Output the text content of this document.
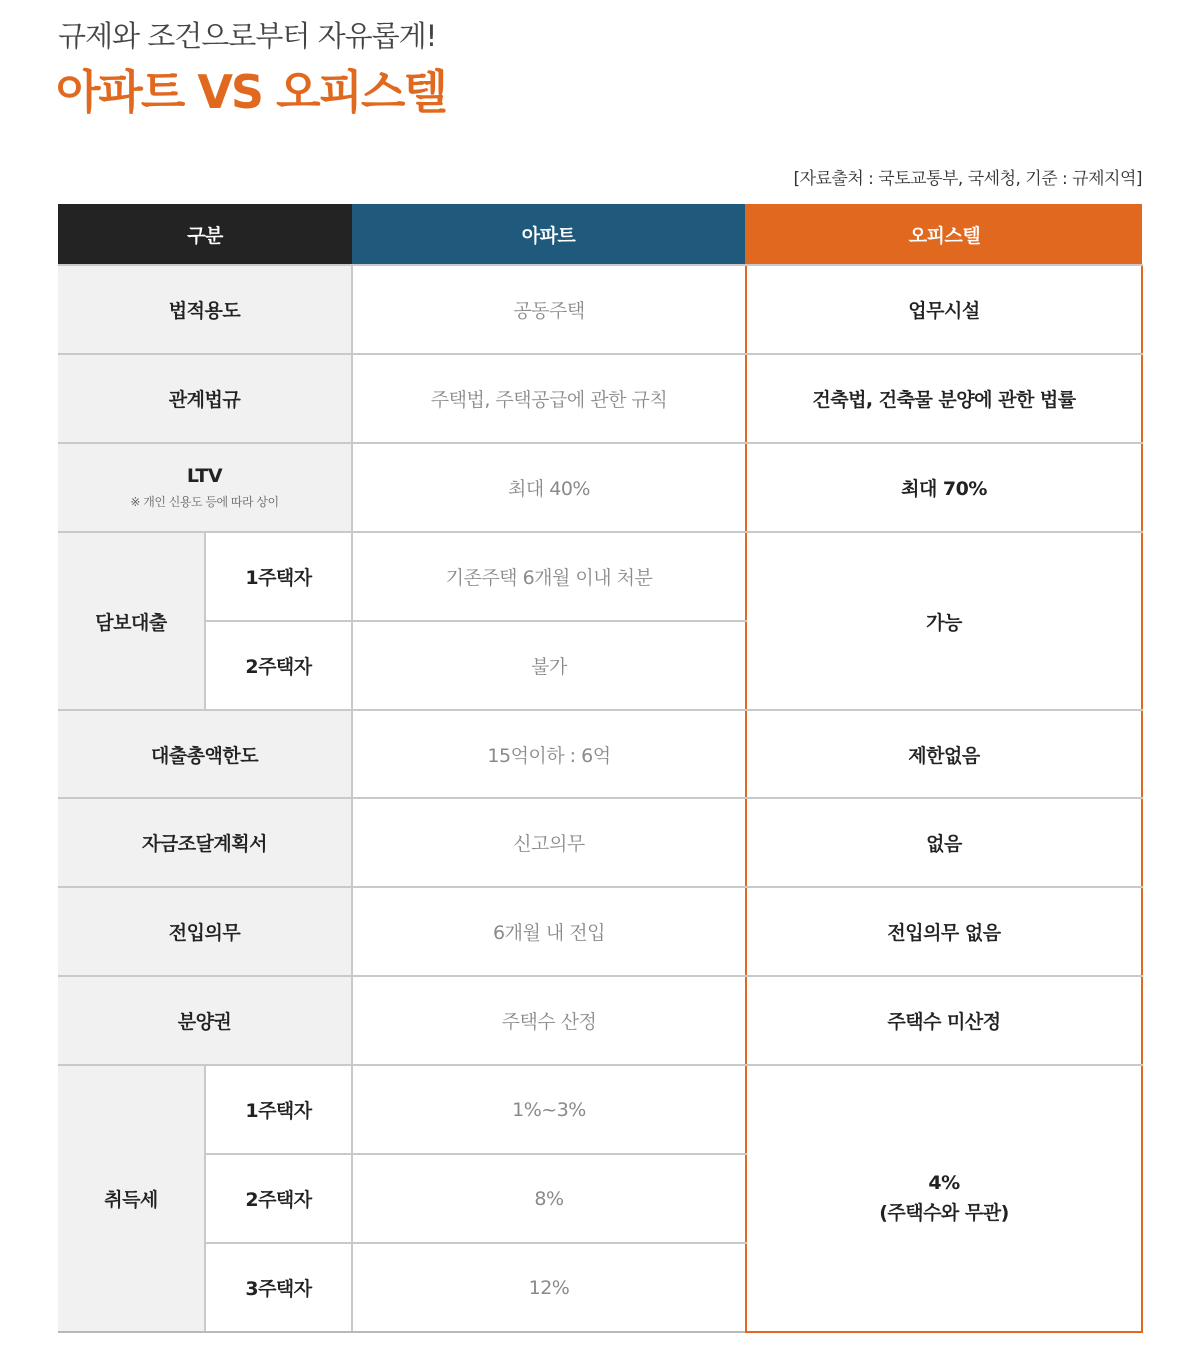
규제와 조건으로부터 자유롭게!
아파트 VS 오피스텔
[자료출처 : 국토교통부, 국세청, 기준 : 규제지역]
구분		아파트	오피스텔
법적용도		공동주택	업무시설
관계법규		주택법, 주택공급에 관한 규칙	건축법, 건축물 분양에 관한 법률
LTV
※ 개인 신용도 등에 따라 상이		최대 40%	최대 70%
담보대출	1주택자	기존주택 6개월 이내 처분	가능
	2주택자	불가	
대출총액한도		15억이하 : 6억	제한없음
자금조달계획서		신고의무	없음
전입의무		6개월 내 전입	전입의무 없음
분양권		주택수 산정	주택수 미산정
취득세	1주택자	1%~3%	4%
(주택수와 무관)

	2주택자	8%	
	3주택자	12%	
